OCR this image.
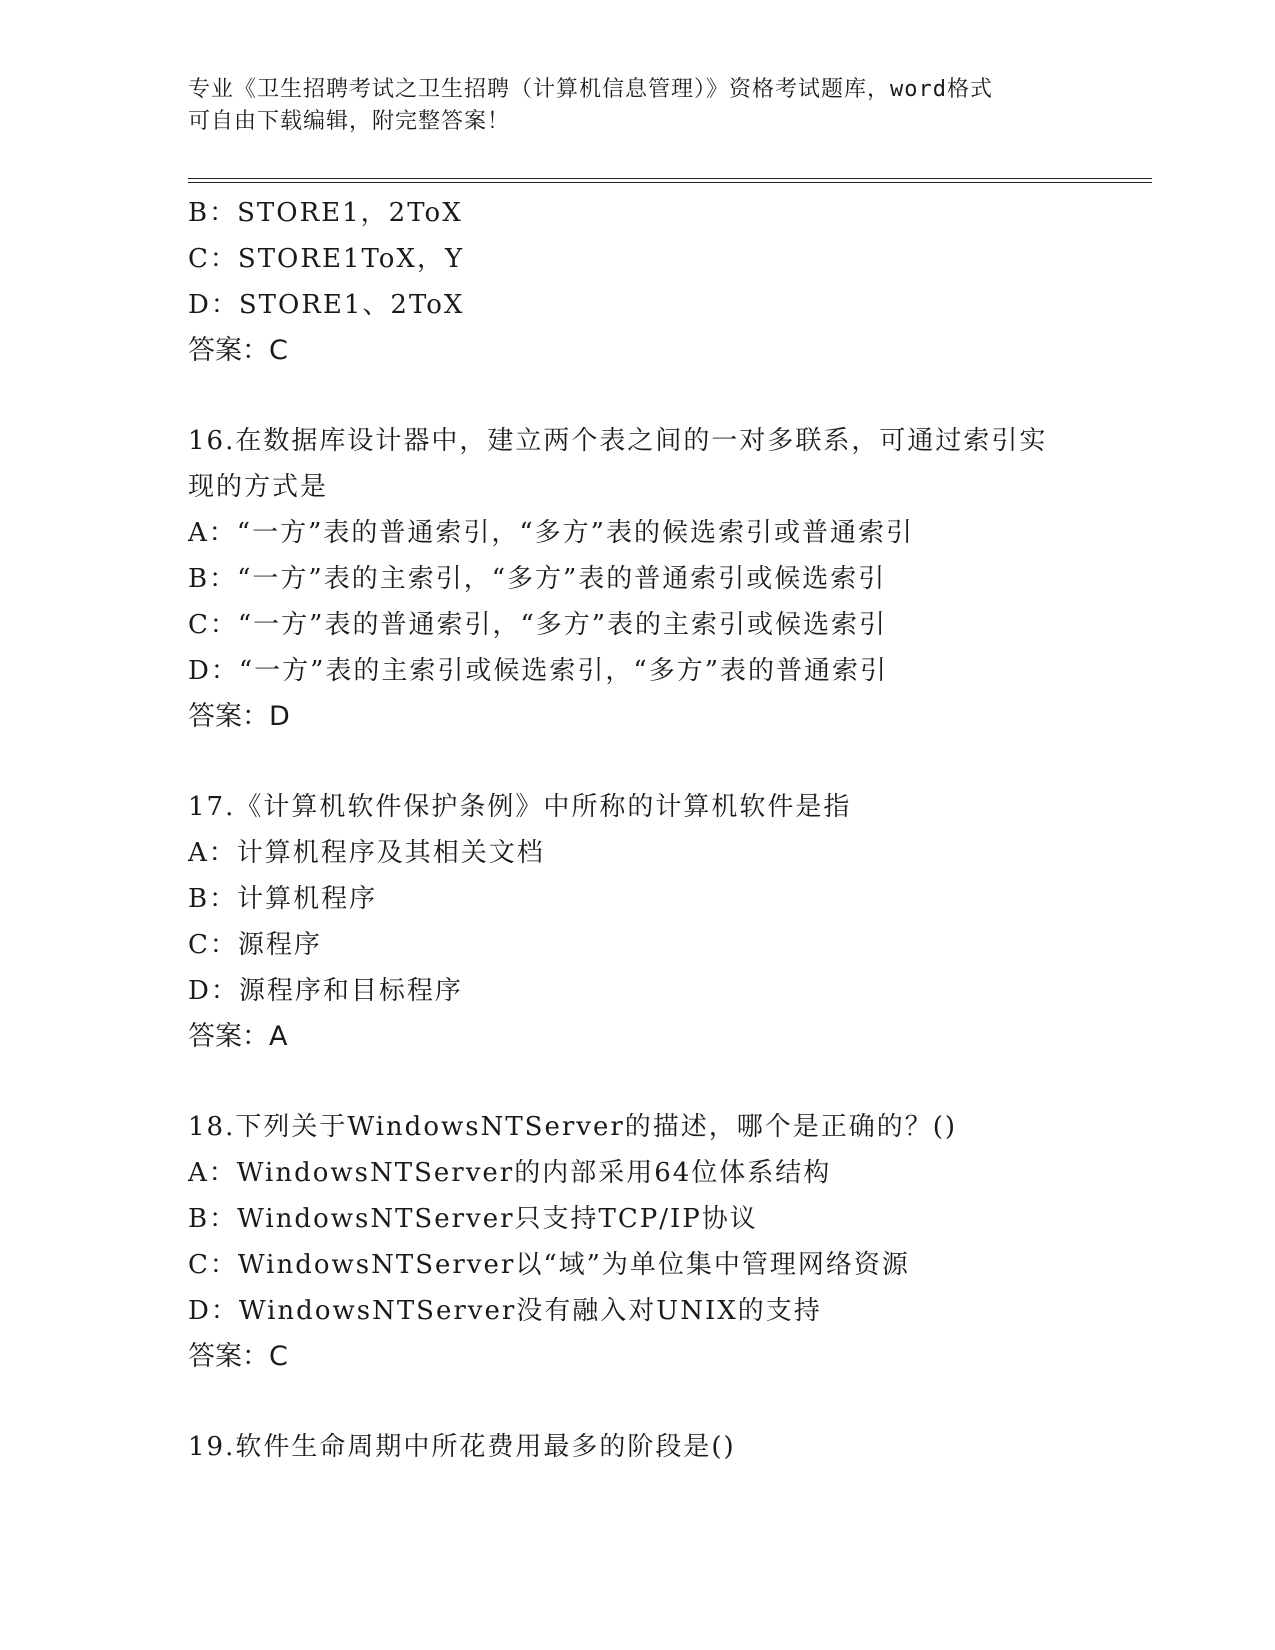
专业《卫生招聘考试之卫生招聘（计算机信息管理）》资格考试题库，word格式
可自由下载编辑，附完整答案！
B：STORE1，2ToX
C：STORE1ToX，Y
D：STORE1、2ToX
答案：C
16.在数据库设计器中，建立两个表之间的一对多联系，可通过索引实
现的方式是
A：“一方”表的普通索引，“多方”表的候选索引或普通索引
B：“一方”表的主索引，“多方”表的普通索引或候选索引
C：“一方”表的普通索引，“多方”表的主索引或候选索引
D：“一方”表的主索引或候选索引，“多方”表的普通索引
答案：D
17.《计算机软件保护条例》中所称的计算机软件是指
A：计算机程序及其相关文档
B：计算机程序
C：源程序
D：源程序和目标程序
答案：A
18.下列关于WindowsNTServer的描述，哪个是正确的？()
A：WindowsNTServer的内部采用64位体系结构
B：WindowsNTServer只支持TCP/IP协议
C：WindowsNTServer以“域”为单位集中管理网络资源
D：WindowsNTServer没有融入对UNIX的支持
答案：C
19.软件生命周期中所花费用最多的阶段是()
